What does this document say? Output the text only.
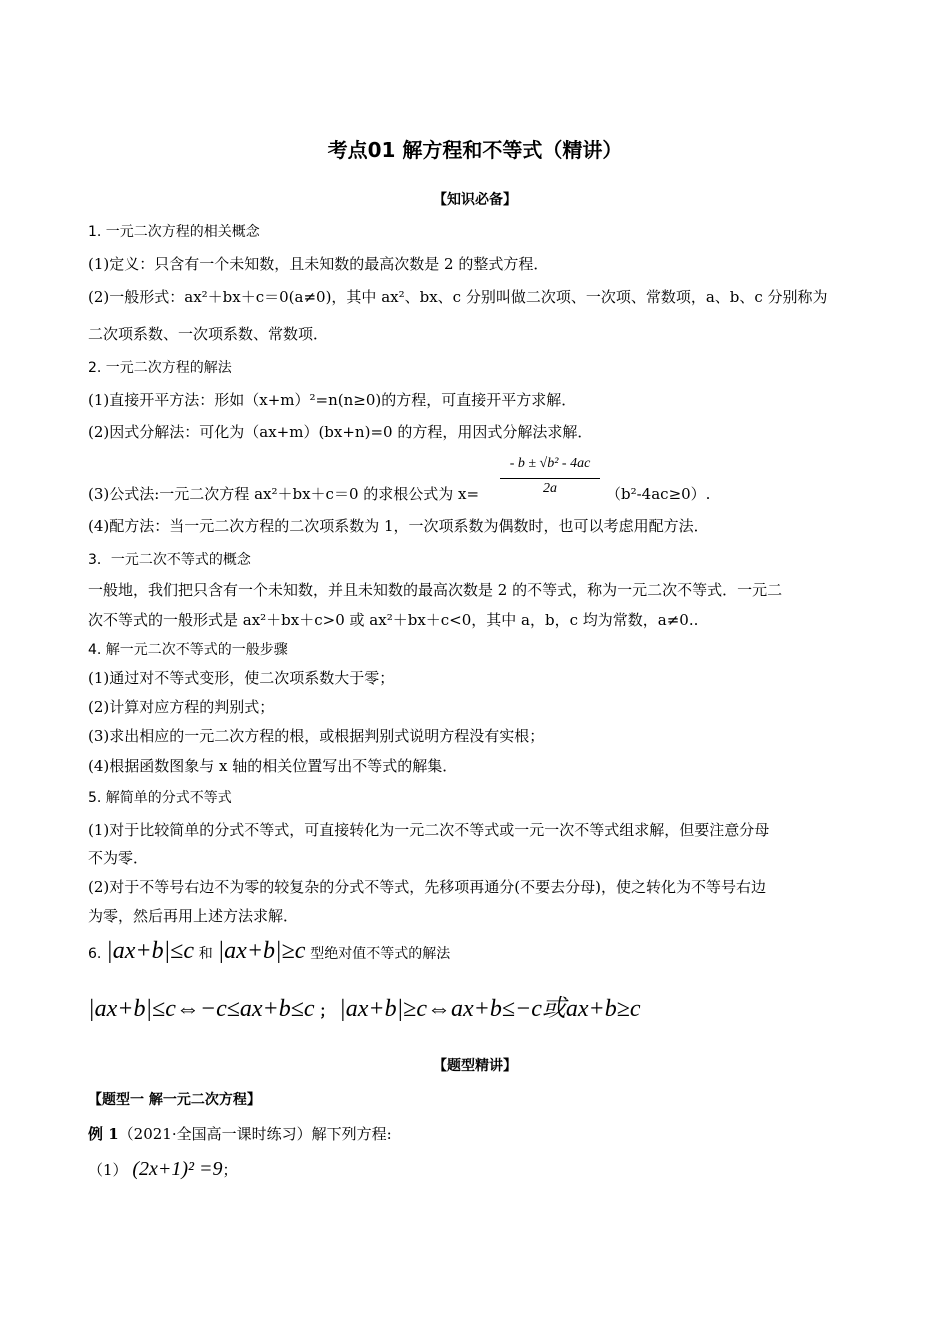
考点01 解方程和不等式（精讲）
【知识必备】
1. 一元二次方程的相关概念
(1)定义：只含有一个未知数，且未知数的最高次数是 2 的整式方程．
(2)一般形式：ax²＋bx＋c＝0(a≠0)，其中 ax²、bx、c 分别叫做二次项、一次项、常数项，a、b、c 分别称为
二次项系数、一次项系数、常数项．
2. 一元二次方程的解法
(1)直接开平方法：形如（x+m）²=n(n≥0)的方程，可直接开平方求解．
(2)因式分解法：可化为（ax+m）(bx+n)=0 的方程，用因式分解法求解．
(3)公式法:一元二次方程 ax²＋bx＋c＝0 的求根公式为 x=
- b ± √b² - 4ac
2a	（b²-4ac≥0）.
(4)配方法：当一元二次方程的二次项系数为 1，一次项系数为偶数时，也可以考虑用配方法．
3．一元二次不等式的概念
一般地，我们把只含有一个未知数，并且未知数的最高次数是 2 的不等式，称为一元二次不等式．一元二
次不等式的一般形式是 ax²＋bx＋c>0 或 ax²＋bx＋c<0，其中 a，b，c 均为常数，a≠0..
4. 解一元二次不等式的一般步骤
(1)通过对不等式变形，使二次项系数大于零；
(2)计算对应方程的判别式；
(3)求出相应的一元二次方程的根，或根据判别式说明方程没有实根；
(4)根据函数图象与 x 轴的相关位置写出不等式的解集．
5. 解简单的分式不等式
(1)对于比较简单的分式不等式，可直接转化为一元二次不等式或一元一次不等式组求解，但要注意分母
不为零．
(2)对于不等号右边不为零的较复杂的分式不等式，先移项再通分(不要去分母)，使之转化为不等号右边
为零，然后再用上述方法求解．
6. |ax+b|≤c 和 |ax+b|≥c 型绝对值不等式的解法
|ax+b|≤c⇔−c≤ax+b≤c ； |ax+b|≥c⇔ax+b≤−c或ax+b≥c
【题型精讲】
【题型一 解一元二次方程】
例 1（2021·全国高一课时练习）解下列方程:
（1） (2x+1)² =9；
